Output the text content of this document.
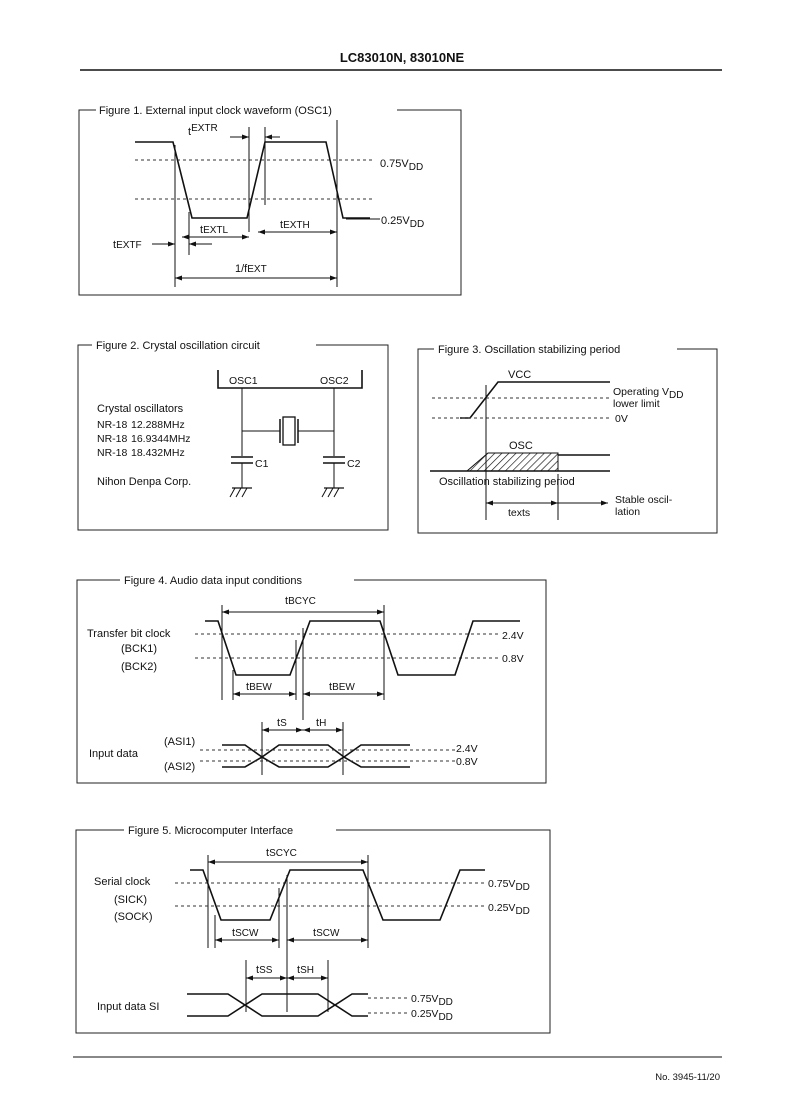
LC83010N, 83010NE
Figure 1. External input clock waveform (OSC1)
tEXTR
tEXTL	tEXTH
tEXTF
1/fEXT
0.75VDD
0.25VDD
Figure 2. Crystal oscillation circuit
Crystal oscillators
NR-18 12.288MHz
NR-18 16.9344MHz
NR-18 18.432MHz
Nihon Denpa Corp.
OSC1	OSC2
C1	C2
Figure 3. Oscillation stabilizing period
VCC
Operating VDD
lower limit
0V
OSC
Oscillation stabilizing period
texts
Stable oscil-
lation
Figure 4. Audio data input conditions
tBCYC
Transfer bit clock
(BCK1)
(BCK2)
2.4V
0.8V
tBEW	tBEW
tS	tH
Input data
(ASI1)
(ASI2)
2.4V
0.8V
Figure 5. Microcomputer Interface
tSCYC
Serial clock
(SICK)
(SOCK)
0.75VDD
0.25VDD
tSCW	tSCW
tSS tSH
Input data SI
0.75VDD
0.25VDD
No. 3945-11/20
